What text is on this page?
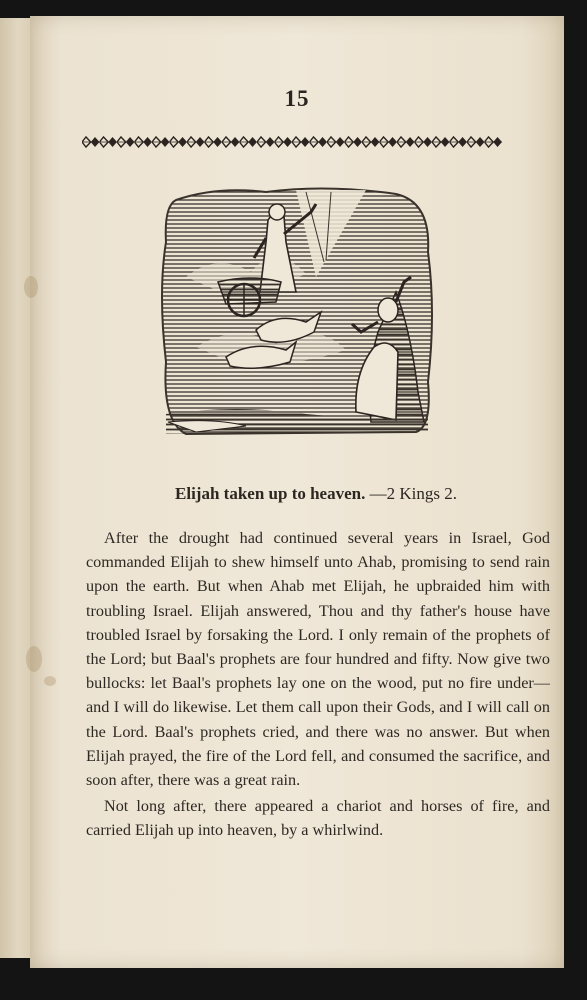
15
Elijah taken up to heaven. —2 Kings 2.

After the drought had continued several years in Israel, God commanded Elijah to shew himself unto Ahab, promising to send rain upon the earth. But when Ahab met Elijah, he upbraided him with troubling Israel. Elijah answered, Thou and thy father's house have troubled Israel by forsaking the Lord. I only remain of the prophets of the Lord; but Baal's prophets are four hundred and fifty. Now give two bullocks: let Baal's prophets lay one on the wood, put no fire under—and I will do likewise. Let them call upon their Gods, and I will call on the Lord. Baal's prophets cried, and there was no answer. But when Elijah prayed, the fire of the Lord fell, and consumed the sacrifice, and soon after, there was a great rain.

Not long after, there appeared a chariot and horses of fire, and carried Elijah up into heaven, by a whirlwind.
